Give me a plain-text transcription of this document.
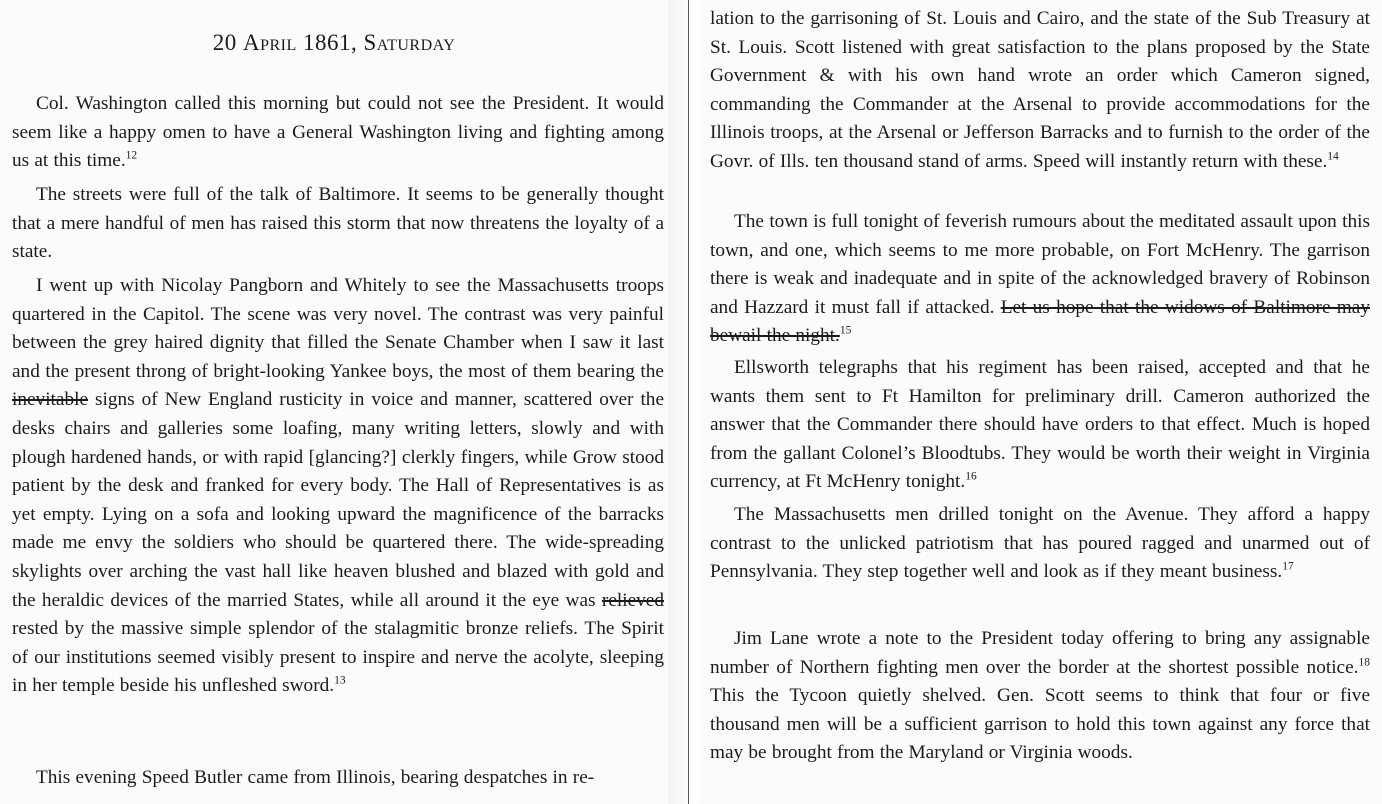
20 April 1861, Saturday

Col. Washington called this morning but could not see the President. It would seem like a happy omen to have a General Washington living and fighting among us at this time.$^{12}$

The streets were full of the talk of Baltimore. It seems to be generally thought that a mere handful of men has raised this storm that now threatens the loyalty of a state.

I went up with Nicolay Pangborn and Whitely to see the Massachusetts troops quartered in the Capitol. The scene was very novel. The contrast was very painful between the grey haired dignity that filled the Senate Chamber when I saw it last and the present throng of bright-looking Yankee boys, the most of them bearing the inevitable signs of New England rusticity in voice and manner, scattered over the desks chairs and galleries some loafing, many writing letters, slowly and with plough hardened hands, or with rapid [glancing?] clerkly fingers, while Grow stood patient by the desk and franked for every body. The Hall of Representatives is as yet empty. Lying on a sofa and looking upward the magnificence of the barracks made me envy the soldiers who should be quartered there. The wide-spreading skylights over arching the vast hall like heaven blushed and blazed with gold and the heraldic devices of the married States, while all around it the eye was relieved rested by the massive simple splendor of the stalagmitic bronze reliefs. The Spirit of our institutions seemed visibly present to inspire and nerve the acolyte, sleeping in her temple beside his unfleshed sword.$^{13}$

This evening Speed Butler came from Illinois, bearing despatches in re-

lation to the garrisoning of St. Louis and Cairo, and the state of the Sub Treasury at St. Louis. Scott listened with great satisfaction to the plans proposed by the State Government & with his own hand wrote an order which Cameron signed, commanding the Commander at the Arsenal to provide accommodations for the Illinois troops, at the Arsenal or Jefferson Barracks and to furnish to the order of the Govr. of Ills. ten thousand stand of arms. Speed will instantly return with these.$^{14}$

The town is full tonight of feverish rumours about the meditated assault upon this town, and one, which seems to me more probable, on Fort McHenry. The garrison there is weak and inadequate and in spite of the acknowledged bravery of Robinson and Hazzard it must fall if attacked. Let us hope that the widows of Baltimore may bewail the night.$^{15}$

Ellsworth telegraphs that his regiment has been raised, accepted and that he wants them sent to Ft Hamilton for preliminary drill. Cameron authorized the answer that the Commander there should have orders to that effect. Much is hoped from the gallant Colonel’s Bloodtubs. They would be worth their weight in Virginia currency, at Ft McHenry tonight.$^{16}$

The Massachusetts men drilled tonight on the Avenue. They afford a happy contrast to the unlicked patriotism that has poured ragged and unarmed out of Pennsylvania. They step together well and look as if they meant business.$^{17}$

Jim Lane wrote a note to the President today offering to bring any assignable number of Northern fighting men over the border at the shortest possible notice.$^{18}$ This the Tycoon quietly shelved. Gen. Scott seems to think that four or five thousand men will be a sufficient garrison to hold this town against any force that may be brought from the Maryland or Virginia woods.
